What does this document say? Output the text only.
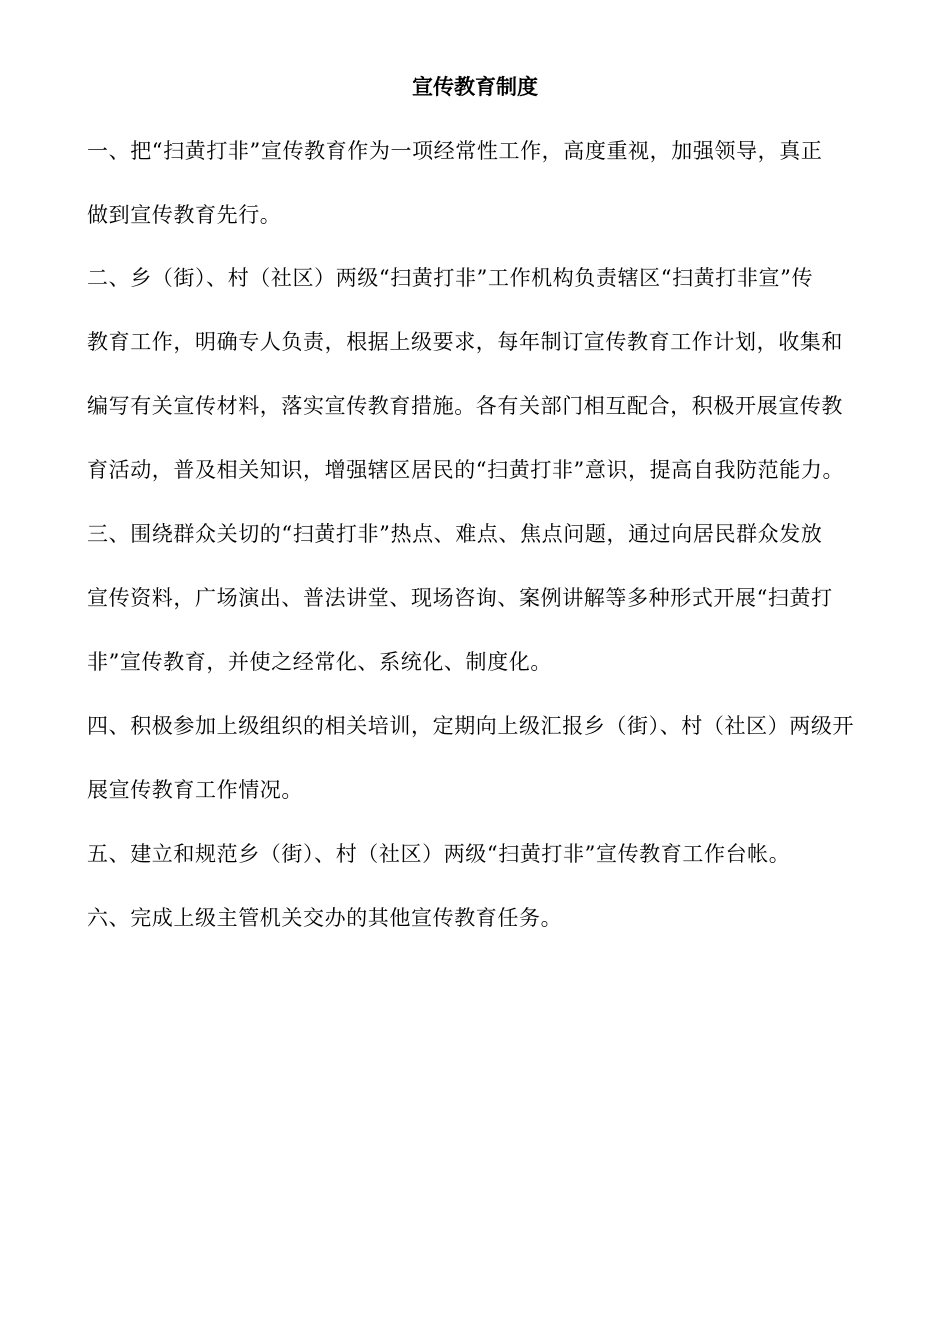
宣传教育制度
一、把“扫黄打非”宣传教育作为一项经常性工作，高度重视，加强领导，真正
做到宣传教育先行。
二、乡（街）、村（社区）两级“扫黄打非”工作机构负责辖区“扫黄打非宣”传
教育工作，明确专人负责，根据上级要求，每年制订宣传教育工作计划，收集和
编写有关宣传材料，落实宣传教育措施。各有关部门相互配合，积极开展宣传教
育活动，普及相关知识，增强辖区居民的“扫黄打非”意识，提高自我防范能力。
三、围绕群众关切的“扫黄打非”热点、难点、焦点问题，通过向居民群众发放
宣传资料，广场演出、普法讲堂、现场咨询、案例讲解等多种形式开展“扫黄打
非”宣传教育，并使之经常化、系统化、制度化。
四、积极参加上级组织的相关培训，定期向上级汇报乡（街）、村（社区）两级开
展宣传教育工作情况。
五、建立和规范乡（街）、村（社区）两级“扫黄打非”宣传教育工作台帐。
六、完成上级主管机关交办的其他宣传教育任务。
